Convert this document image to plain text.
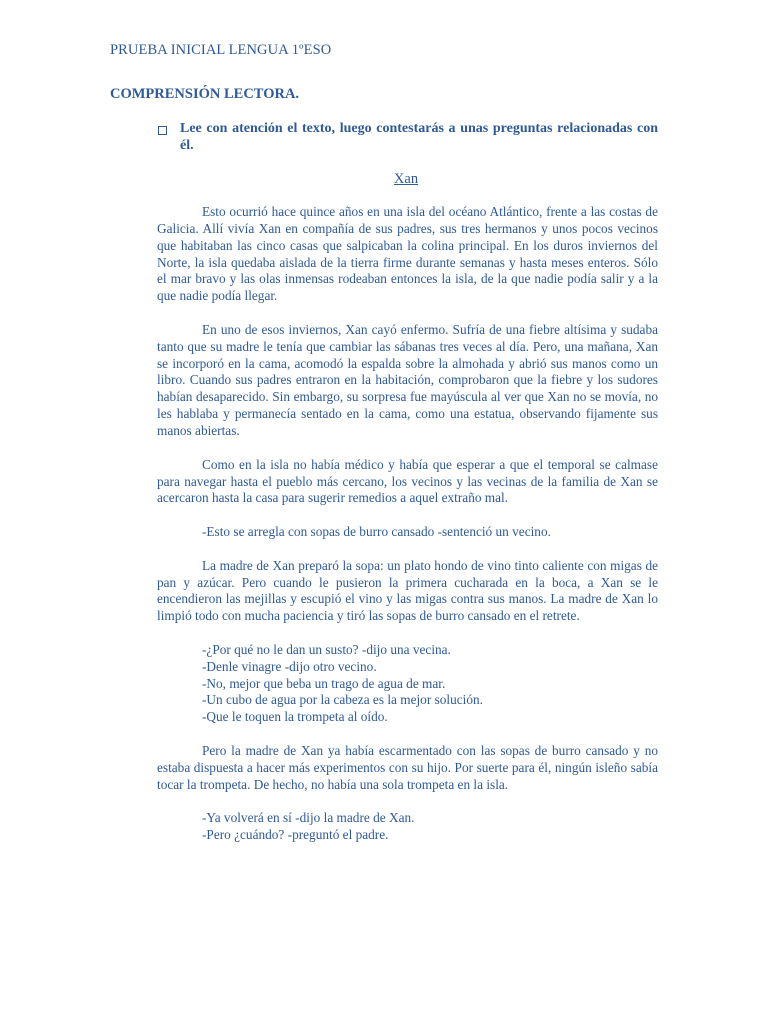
PRUEBA INICIAL LENGUA 1ºESO
COMPRENSIÓN LECTORA.
Lee con atención el texto, luego contestarás a unas preguntas relacionadas con él.
Xan

Esto ocurrió hace quince años en una isla del océano Atlántico, frente a las costas de Galicia. Allí vivía Xan en compañía de sus padres, sus tres hermanos y unos pocos vecinos que habitaban las cinco casas que salpicaban la colina principal. En los duros inviernos del Norte, la isla quedaba aislada de la tierra firme durante semanas y hasta meses enteros. Sólo el mar bravo y las olas inmensas rodeaban entonces la isla, de la que nadie podía salir y a la que nadie podía llegar.

En uno de esos inviernos, Xan cayó enfermo. Sufría de una fiebre altísima y sudaba tanto que su madre le tenía que cambiar las sábanas tres veces al día. Pero, una mañana, Xan se incorporó en la cama, acomodó la espalda sobre la almohada y abrió sus manos como un libro. Cuando sus padres entraron en la habitación, comprobaron que la fiebre y los sudores habían desaparecido. Sin embargo, su sorpresa fue mayúscula al ver que Xan no se movía, no les hablaba y permanecía sentado en la cama, como una estatua, observando fijamente sus manos abiertas.

Como en la isla no había médico y había que esperar a que el temporal se calmase para navegar hasta el pueblo más cercano, los vecinos y las vecinas de la familia de Xan se acercaron hasta la casa para sugerir remedios a aquel extraño mal.

-Esto se arregla con sopas de burro cansado -sentenció un vecino.

La madre de Xan preparó la sopa: un plato hondo de vino tinto caliente con migas de pan y azúcar. Pero cuando le pusieron la primera cucharada en la boca, a Xan se le encendieron las mejillas y escupió el vino y las migas contra sus manos. La madre de Xan lo limpió todo con mucha paciencia y tiró las sopas de burro cansado en el retrete.

-¿Por qué no le dan un susto? -dijo una vecina.
-Denle vinagre -dijo otro vecino.
-No, mejor que beba un trago de agua de mar.
-Un cubo de agua por la cabeza es la mejor solución.
-Que le toquen la trompeta al oído.

Pero la madre de Xan ya había escarmentado con las sopas de burro cansado y no estaba dispuesta a hacer más experimentos con su hijo. Por suerte para él, ningún isleño sabía tocar la trompeta. De hecho, no había una sola trompeta en la isla.

-Ya volverá en sí -dijo la madre de Xan.
-Pero ¿cuándo? -preguntó el padre.
